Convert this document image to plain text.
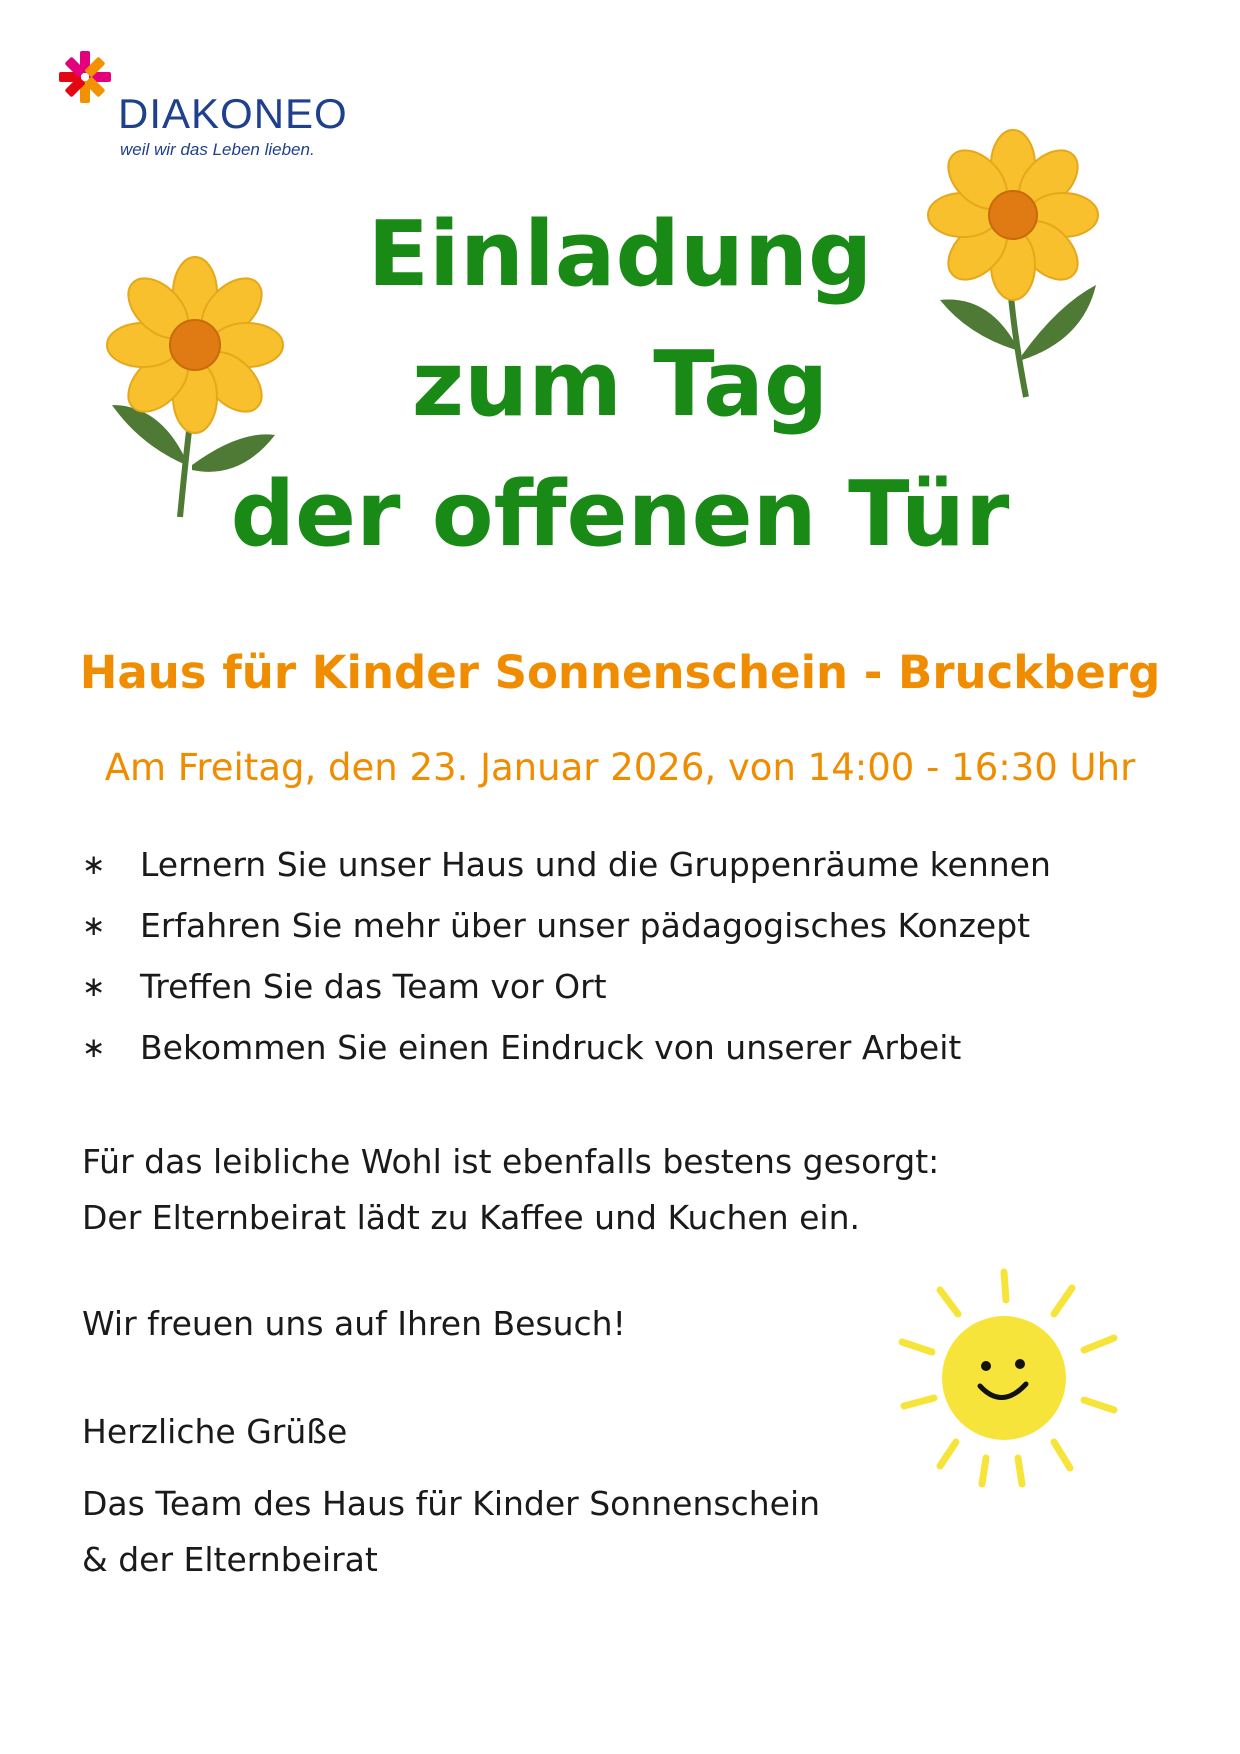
DIAKONEO
weil wir das Leben lieben.
Einladung
zum Tag
der offenen Tür
Haus für Kinder Sonnenschein - Bruckberg
Am Freitag, den 23. Januar 2026, von 14:00 - 16:30 Uhr
∗	Lernern Sie unser Haus und die Gruppenräume kennen
∗	Erfahren Sie mehr über unser pädagogisches Konzept
∗	Treffen Sie das Team vor Ort
∗	Bekommen Sie einen Eindruck von unserer Arbeit
Für das leibliche Wohl ist ebenfalls bestens gesorgt:
Der Elternbeirat lädt zu Kaffee und Kuchen ein.
Wir freuen uns auf Ihren Besuch!
Herzliche Grüße
Das Team des Haus für Kinder Sonnenschein
& der Elternbeirat
